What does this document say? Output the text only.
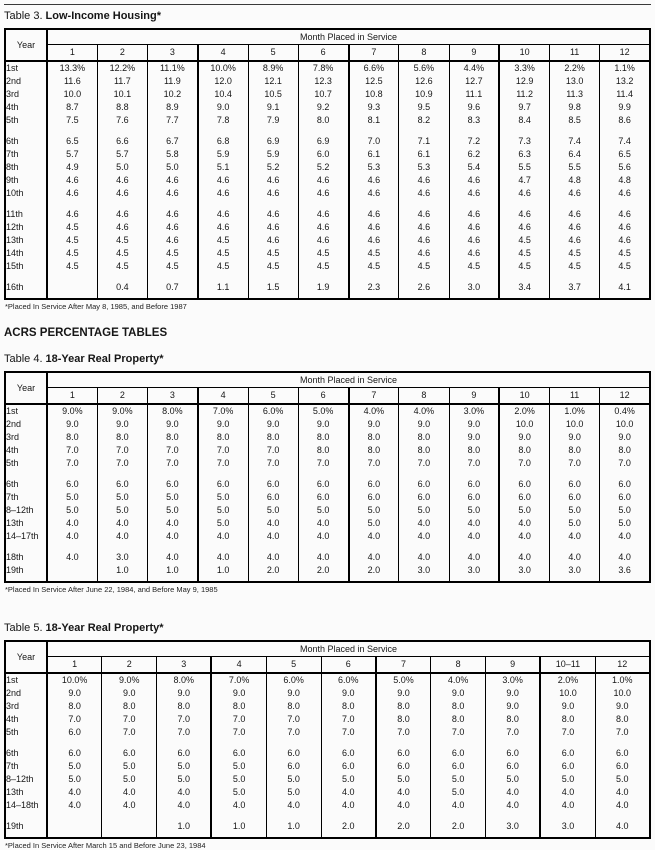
Table 3. Low-Income Housing*
Year	Month Placed in Service											
	1	2	3	4	5	6	7	8	9	10	11	12
1st	13.3%	12.2%	11.1%	10.0%	8.9%	7.8%	6.6%	5.6%	4.4%	3.3%	2.2%	1.1%
2nd	11.6	11.7	11.9	12.0	12.1	12.3	12.5	12.6	12.7	12.9	13.0	13.2
3rd	10.0	10.1	10.2	10.4	10.5	10.7	10.8	10.9	11.1	11.2	11.3	11.4
4th	8.7	8.8	8.9	9.0	9.1	9.2	9.3	9.5	9.6	9.7	9.8	9.9
5th	7.5	7.6	7.7	7.8	7.9	8.0	8.1	8.2	8.3	8.4	8.5	8.6

6th	6.5	6.6	6.7	6.8	6.9	6.9	7.0	7.1	7.2	7.3	7.4	7.4
7th	5.7	5.7	5.8	5.9	5.9	6.0	6.1	6.1	6.2	6.3	6.4	6.5
8th	4.9	5.0	5.0	5.1	5.2	5.2	5.3	5.3	5.4	5.5	5.5	5.6
9th	4.6	4.6	4.6	4.6	4.6	4.6	4.6	4.6	4.6	4.7	4.8	4.8
10th	4.6	4.6	4.6	4.6	4.6	4.6	4.6	4.6	4.6	4.6	4.6	4.6

11th	4.6	4.6	4.6	4.6	4.6	4.6	4.6	4.6	4.6	4.6	4.6	4.6
12th	4.5	4.6	4.6	4.6	4.6	4.6	4.6	4.6	4.6	4.6	4.6	4.6
13th	4.5	4.5	4.6	4.5	4.6	4.6	4.6	4.6	4.6	4.5	4.6	4.6
14th	4.5	4.5	4.5	4.5	4.5	4.5	4.5	4.6	4.6	4.5	4.5	4.5
15th	4.5	4.5	4.5	4.5	4.5	4.5	4.5	4.5	4.5	4.5	4.5	4.5

16th		0.4	0.7	1.1	1.5	1.9	2.3	2.6	3.0	3.4	3.7	4.1
*Placed In Service After May 8, 1985, and Before 1987
ACRS PERCENTAGE TABLES
Table 4. 18-Year Real Property*
Year	Month Placed in Service											
	1	2	3	4	5	6	7	8	9	10	11	12
1st	9.0%	9.0%	8.0%	7.0%	6.0%	5.0%	4.0%	4.0%	3.0%	2.0%	1.0%	0.4%
2nd	9.0	9.0	9.0	9.0	9.0	9.0	9.0	9.0	9.0	10.0	10.0	10.0
3rd	8.0	8.0	8.0	8.0	8.0	8.0	8.0	8.0	9.0	9.0	9.0	9.0
4th	7.0	7.0	7.0	7.0	7.0	8.0	8.0	8.0	8.0	8.0	8.0	8.0
5th	7.0	7.0	7.0	7.0	7.0	7.0	7.0	7.0	7.0	7.0	7.0	7.0

6th	6.0	6.0	6.0	6.0	6.0	6.0	6.0	6.0	6.0	6.0	6.0	6.0
7th	5.0	5.0	5.0	5.0	6.0	6.0	6.0	6.0	6.0	6.0	6.0	6.0
8–12th	5.0	5.0	5.0	5.0	5.0	5.0	5.0	5.0	5.0	5.0	5.0	5.0
13th	4.0	4.0	4.0	5.0	4.0	4.0	5.0	4.0	4.0	4.0	5.0	5.0
14–17th	4.0	4.0	4.0	4.0	4.0	4.0	4.0	4.0	4.0	4.0	4.0	4.0

18th	4.0	3.0	4.0	4.0	4.0	4.0	4.0	4.0	4.0	4.0	4.0	4.0
19th		1.0	1.0	1.0	2.0	2.0	2.0	3.0	3.0	3.0	3.0	3.6
*Placed In Service After June 22, 1984, and Before May 9, 1985
Table 5. 18-Year Real Property*
Year	Month Placed in Service										
	1	2	3	4	5	6	7	8	9	10–11	12
1st	10.0%	9.0%	8.0%	7.0%	6.0%	6.0%	5.0%	4.0%	3.0%	2.0%	1.0%
2nd	9.0	9.0	9.0	9.0	9.0	9.0	9.0	9.0	9.0	10.0	10.0
3rd	8.0	8.0	8.0	8.0	8.0	8.0	8.0	8.0	9.0	9.0	9.0
4th	7.0	7.0	7.0	7.0	7.0	7.0	8.0	8.0	8.0	8.0	8.0
5th	6.0	7.0	7.0	7.0	7.0	7.0	7.0	7.0	7.0	7.0	7.0

6th	6.0	6.0	6.0	6.0	6.0	6.0	6.0	6.0	6.0	6.0	6.0
7th	5.0	5.0	5.0	5.0	6.0	6.0	6.0	6.0	6.0	6.0	6.0
8–12th	5.0	5.0	5.0	5.0	5.0	5.0	5.0	5.0	5.0	5.0	5.0
13th	4.0	4.0	4.0	5.0	5.0	4.0	4.0	5.0	4.0	4.0	4.0
14–18th	4.0	4.0	4.0	4.0	4.0	4.0	4.0	4.0	4.0	4.0	4.0

19th			1.0	1.0	1.0	2.0	2.0	2.0	3.0	3.0	4.0
*Placed In Service After March 15 and Before June 23, 1984
